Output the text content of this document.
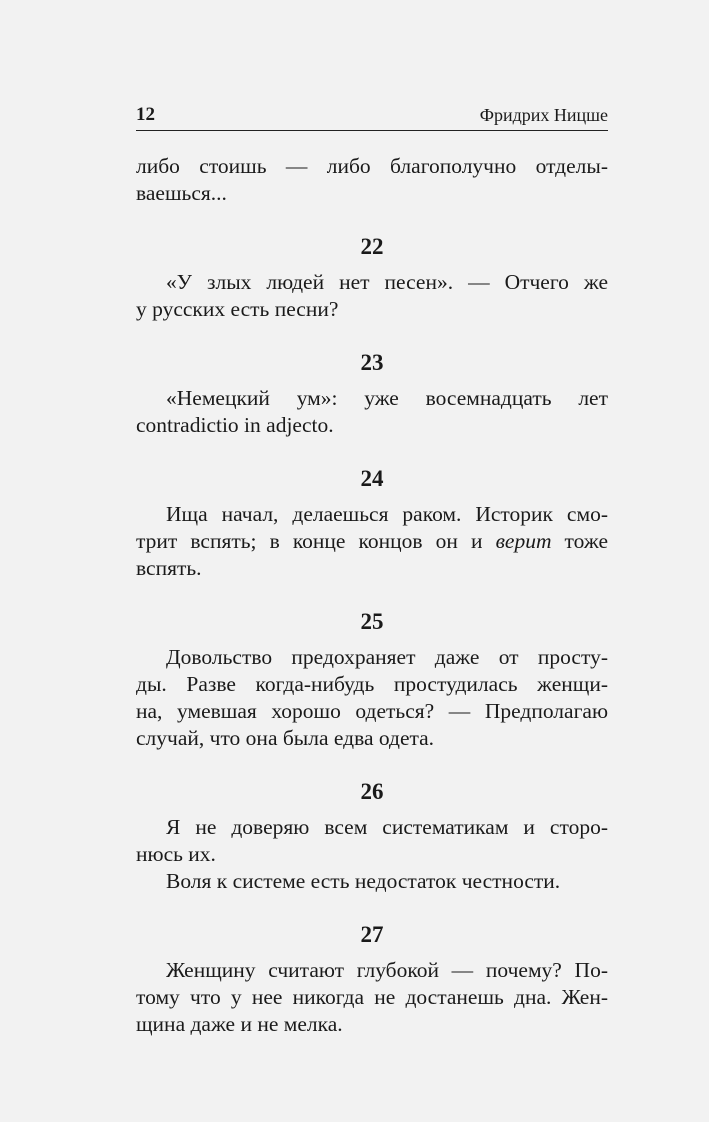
12	Фридрих Ницше

либо стоишь — либо благополучно отделы-
ваешься...

22

«У злых людей нет песен». — Отчего же
у русских есть песни?

23

«Немецкий ум»: уже восемнадцать лет
contradictio in adjecto.

24

Ища начал, делаешься раком. Историк смо-
трит вспять; в конце концов он и верит тоже
вспять.

25

Довольство предохраняет даже от просту-
ды. Разве когда-нибудь простудилась женщи-
на, умевшая хорошо одеться? — Предполагаю
случай, что она была едва одета.

26

Я не доверяю всем систематикам и сторо-
нюсь их.

Воля к системе есть недостаток честности.

27

Женщину считают глубокой — почему? По-
тому что у нее никогда не достанешь дна. Жен-
щина даже и не мелка.
